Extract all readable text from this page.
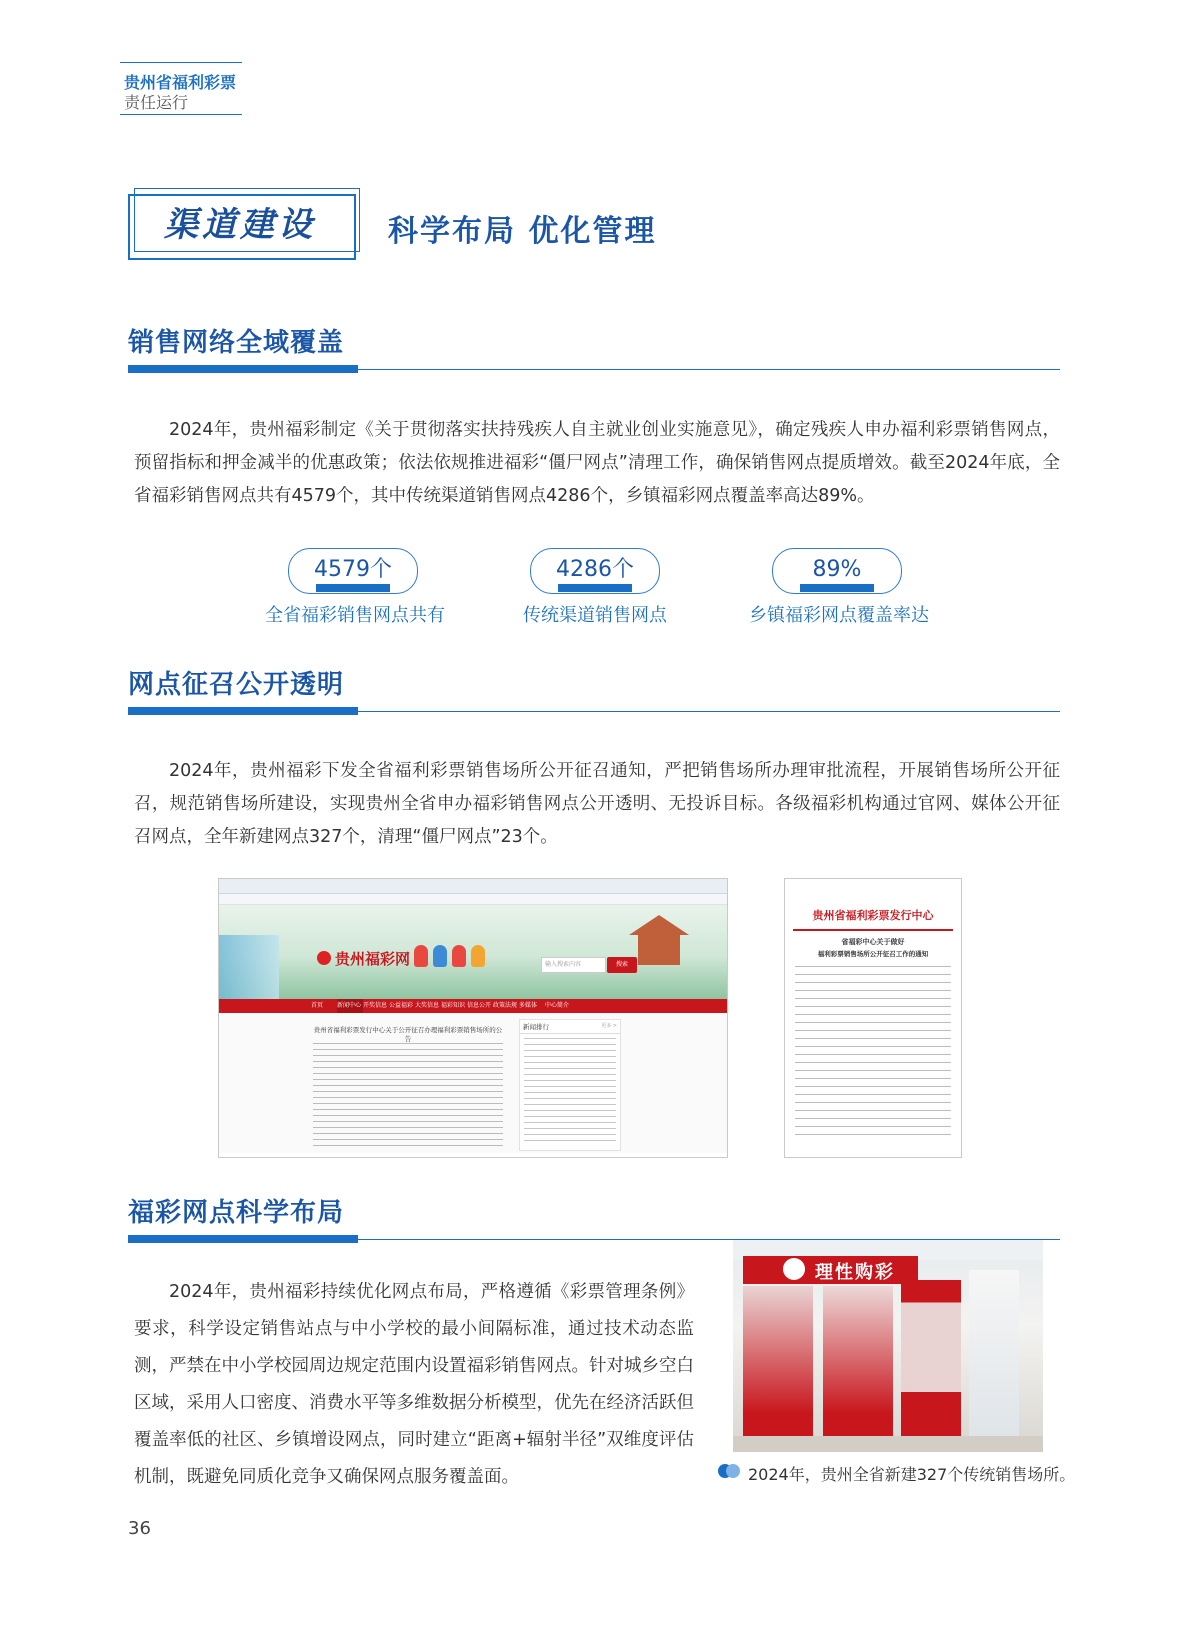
贵州省福利彩票
责任运行
渠道建设	科学布局 优化管理
销售网络全域覆盖
2024年，贵州福彩制定《关于贯彻落实扶持残疾人自主就业创业实施意见》，确定残疾人申办福利彩票销售网点，预留指标和押金减半的优惠政策；依法依规推进福彩“僵尸网点”清理工作，确保销售网点提质增效。截至2024年底，全省福彩销售网点共有4579个，其中传统渠道销售网点4286个，乡镇福彩网点覆盖率高达89%。
4579个
全省福彩销售网点共有
4286个
传统渠道销售网点
89%
乡镇福彩网点覆盖率达
网点征召公开透明
2024年，贵州福彩下发全省福利彩票销售场所公开征召通知，严把销售场所办理审批流程，开展销售场所公开征召，规范销售场所建设，实现贵州全省申办福彩销售网点公开透明、无投诉目标。各级福彩机构通过官网、媒体公开征召网点，全年新建网点327个，清理“僵尸网点”23个。
贵州福彩网	输入搜索内容	搜索
首页	新闻中心 开奖信息 公益福彩 大奖信息 福彩知识 信息公开 政策法规 多媒体	中心简介
贵州省福利彩票发行中心关于公开征召办理福利彩票销售场所的公告
新闻排行	更多 >
贵州省福利彩票发行中心
省福彩中心关于做好
福利彩票销售场所公开征召工作的通知
福彩网点科学布局
2024年，贵州福彩持续优化网点布局，严格遵循《彩票管理条例》要求，科学设定销售站点与中小学校的最小间隔标准，通过技术动态监测，严禁在中小学校园周边规定范围内设置福彩销售网点。针对城乡空白区域，采用人口密度、消费水平等多维数据分析模型，优先在经济活跃但覆盖率低的社区、乡镇增设网点，同时建立“距离+辐射半径”双维度评估机制，既避免同质化竞争又确保网点服务覆盖面。
理性购彩
2024年，贵州全省新建327个传统销售场所。
36
